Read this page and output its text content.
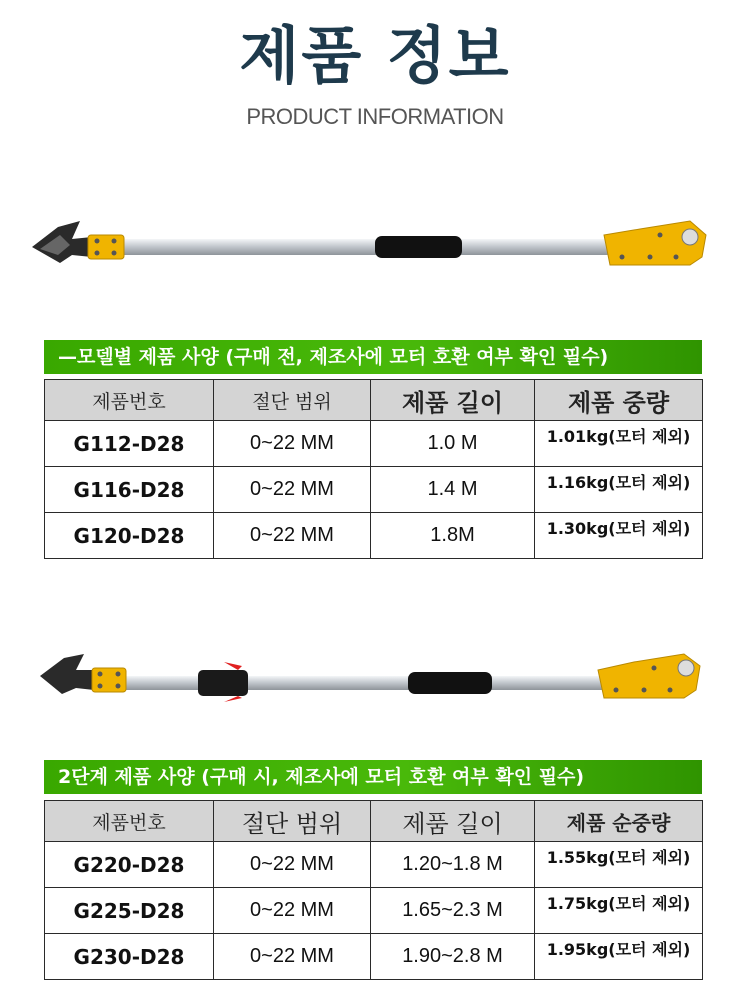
제품 정보
PRODUCT INFORMATION
—모델별 제품 사양 (구매 전, 제조사에 모터 호환 여부 확인 필수)
제품번호	절단 범위	제품 길이	제품 중량
G112-D28	0~22 MM	1.0 M	1.01kg(모터 제외)
G116-D28	0~22 MM	1.4 M	1.16kg(모터 제외)
G120-D28	0~22 MM	1.8M	1.30kg(모터 제외)
2단계 제품 사양 (구매 시, 제조사에 모터 호환 여부 확인 필수)
제품번호	절단 범위	제품 길이	제품 순중량
G220-D28	0~22 MM	1.20~1.8 M	1.55kg(모터 제외)
G225-D28	0~22 MM	1.65~2.3 M	1.75kg(모터 제외)
G230-D28	0~22 MM	1.90~2.8 M	1.95kg(모터 제외)
